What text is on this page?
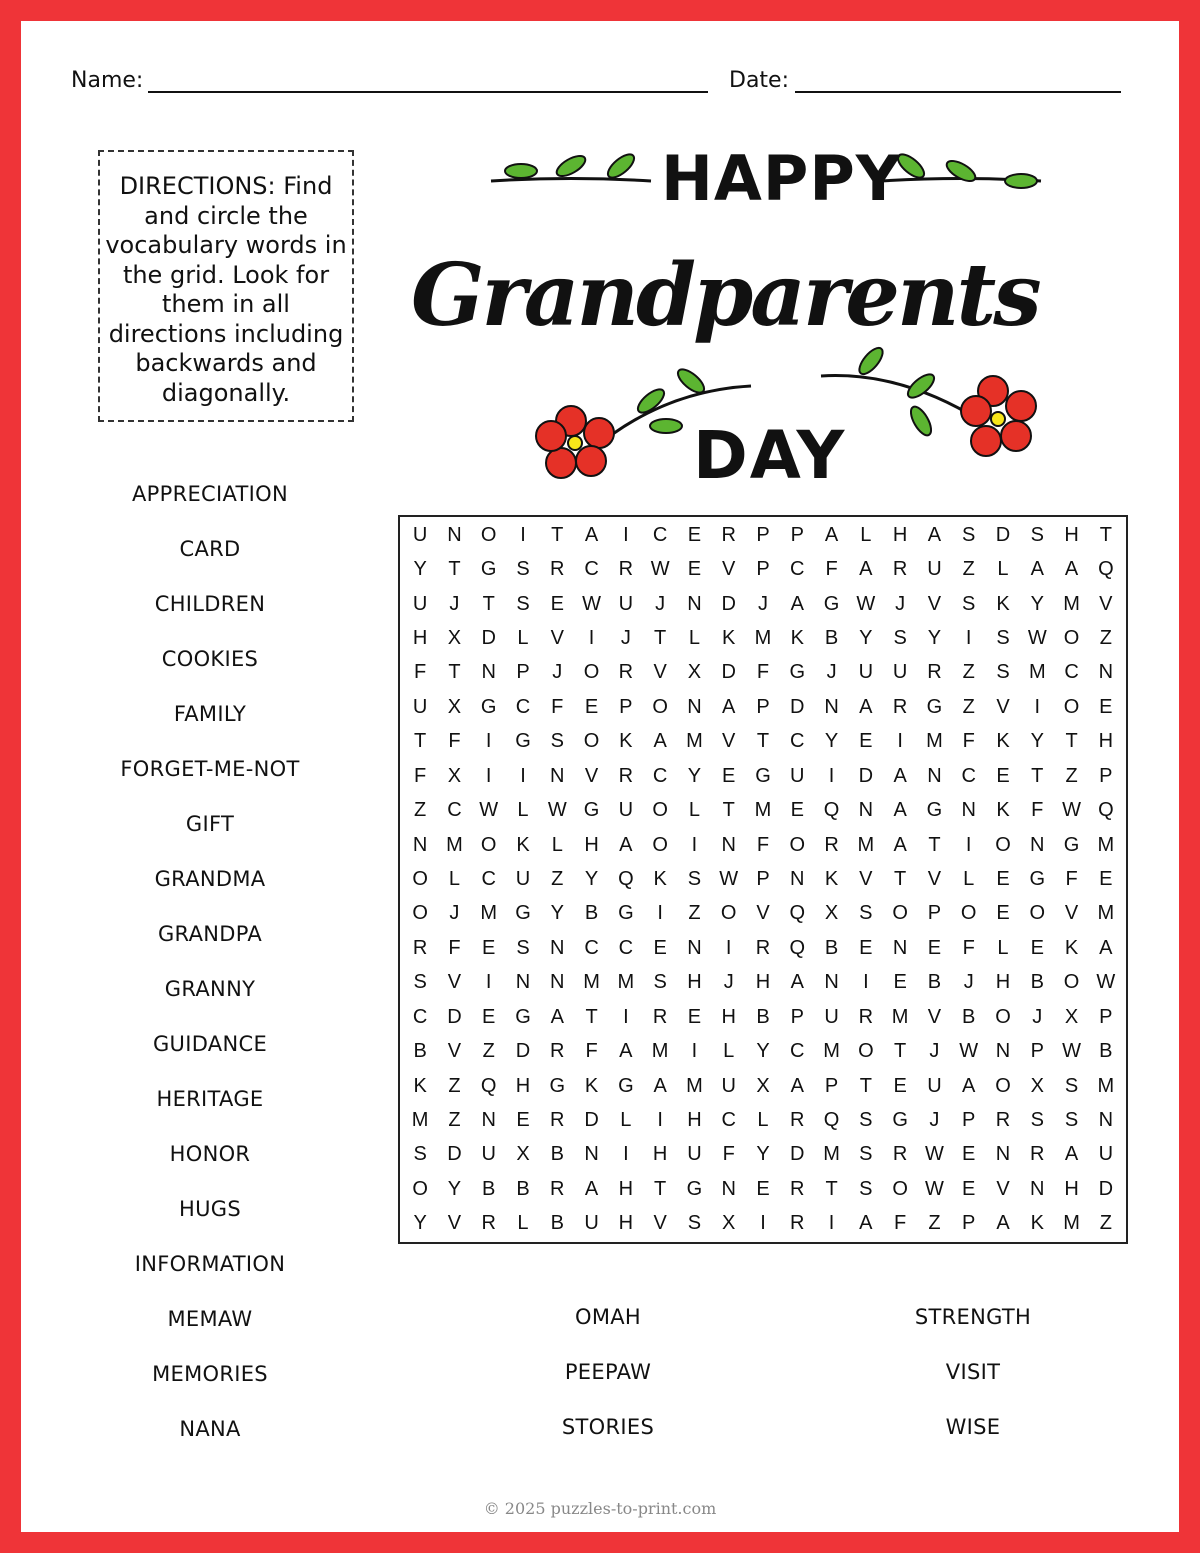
Name:	Date:
DIRECTIONS: Find and circle the vocabulary words in the grid. Look for them in all directions including backwards and diagonally.
HAPPY
Grandparents
DAY
APPRECIATION
CARD
CHILDREN
COOKIES
FAMILY
FORGET-ME-NOT
GIFT
GRANDMA
GRANDPA
GRANNY
GUIDANCE
HERITAGE
HONOR
HUGS
INFORMATION
MEMAW
MEMORIES
NANA
OMAH
PEEPAW
STORIES
STRENGTH
VISIT
WISE
U N O	I	T	A	I	C	E	R	P	P	A	L	H	A	S	D	S	H	T
Y	T	G S	R C R W E	V	P	C	F	A	R U	Z	L	A	A Q
U	J	T	S	E W U	J	N D	J	A G W J	V	S	K	Y M V
H	X	D	L	V	I	J	T	L	K M K	B	Y	S	Y	I	S W O	Z
F	T	N	P	J	O R	V	X	D	F	G	J	U U R	Z	S M C N
U	X G C	F	E	P O N	A	P	D N	A	R G	Z	V	I	O E
T	F	I	G S O K	A M V	T	C	Y	E	I	M F	K	Y	T	H
F	X	I	I	N	V	R C	Y	E G U	I	D	A	N C	E	T	Z	P
Z	C W L W G U O	L	T M E Q N	A G N	K	F W Q
N M O K	L	H	A O	I	N	F	O R M A	T	I	O N G M
O	L	C U	Z	Y Q K	S W P	N	K	V	T	V	L	E G	F	E
O	J	M G Y	B G	I	Z	O V Q X	S O P O E O V M
R	F	E	S	N C C	E	N	I	R Q B	E	N	E	F	L	E	K	A
S	V	I	N N M M S	H	J	H	A	N	I	E	B	J	H	B O W
C D	E G A	T	I	R	E	H	B	P	U R M V	B O	J	X	P
B	V	Z	D R	F	A M	I	L	Y	C M O	T	J W N	P W B
K	Z	Q H G K G A M U	X	A	P	T	E	U	A O X	S M
M Z	N	E	R D	L	I	H C	L	R Q S G	J	P	R	S	S	N
S	D U	X	B	N	I	H U	F	Y	D M S	R W E	N R	A	U
O Y	B	B	R	A	H	T	G N	E	R	T	S O W E	V	N H D
Y	V	R	L	B	U H	V	S	X	I	R	I	A	F	Z	P	A	K M Z
© 2025 puzzles-to-print.com
